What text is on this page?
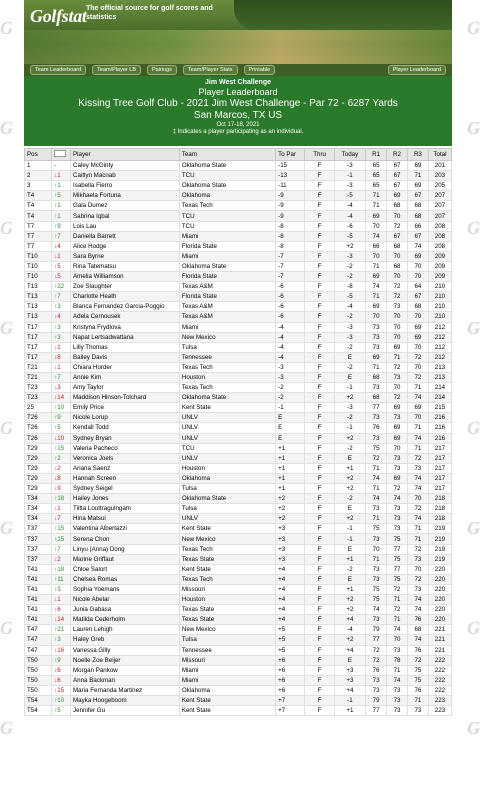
G	G
G	G
G	G
G	G
G	G
G	G
G	G
G	G
Golfstat The official source for golf scores and statistics
Team Leaderboard	Team/Player LB	Pairings	Team/Player Stats	Printable	Player Leaderboard
Jim West Challenge
Player Leaderboard
Kissing Tree Golf Club - 2021 Jim West Challenge - Par 72 - 6287 Yards
San Marcos, TX US
Oct 17-18, 2021
‡ Indicates a player participating as an individual.
Pos		Player	Team	To Par	Thru	Today	R1	R2	R3	Total
1	-	Caley McGinty	Oklahoma State	-15	F	-3	65	67	69	201
2	↓1	Caitlyn Macnab	TCU	-13	F	-1	65	67	71	203
3	↑1	Isabella Fierro	Oklahoma State	-11	F	-3	65	67	69	205
T4	↑5	Mikhaela Fortuna	Oklahoma	-9	F	-5	71	69	67	207
T4	↑1	Gala Dumez	Texas Tech	-9	F	-4	71	68	68	207
T4	↑1	Sabrina Iqbal	TCU	-9	F	-4	69	70	68	207
T7	↑9	Lois Lau	TCU	-8	F	-6	70	72	66	208
T7	↑7	Daniella Barrett	Miami	-8	F	-5	74	67	67	208
T7	↓4	Alice Hodge	Florida State	-8	F	+2	66	68	74	208
T10	↓1	Sara Byrne	Miami	-7	F	-3	70	70	69	209
T10	↓5	Rina Tatematsu	Oklahoma State	-7	F	-2	71	68	70	209
T10	↓5	Amelia Williamson	Florida State	-7	F	-2	69	70	70	209
T13	↑22	Zoe Slaughter	Texas A&M	-6	F	-8	74	72	64	210
T13	↑7	Charlotte Heath	Florida State	-6	F	-5	71	72	67	210
T13	↑3	Blanca Fernandez Garcia-Poggio	Texas A&M	-6	F	-4	69	73	68	210
T13	↓4	Adela Cernousek	Texas A&M	-6	F	-2	70	70	70	210
T17	↑3	Kristyna Frydlova	Miami	-4	F	-3	73	70	69	212
T17	↑3	Napat Lertsadwattana	New Mexico	-4	F	-3	73	70	69	212
T17	↓1	Lilly Thomas	Tulsa	-4	F	-2	73	69	70	212
T17	↓8	Bailey Davis	Tennessee	-4	F	E	69	71	72	212
T21	↓1	Chiara Horder	Texas Tech	-3	F	-2	71	72	70	213
T21	↑7	Annie Kim	Houston	-3	F	E	68	73	72	213
T23	↓3	Amy Taylor	Texas Tech	-2	F	-1	73	70	71	214
T23	↓14	Maddison Hinson-Tolchard	Oklahoma State	-2	F	+2	68	72	74	214
25	↑10	Emily Price	Kent State	-1	F	-3	77	69	69	215
T26	↑9	Nicole Lorup	UNLV	E	F	-2	73	73	70	216
T26	↑5	Kendall Todd	UNLV	E	F	-1	76	69	71	216
T26	↓10	Sydney Bryan	UNLV	E	F	+2	73	69	74	216
T29	↑15	Valeria Pacheco	TCU	+1	F	-2	75	70	71	217
T29	↑2	Veronica Joels	UNLV	+1	F	E	72	73	72	217
T29	↓2	Ariana Saenz	Houston	+1	F	+1	71	73	73	217
T29	↓8	Hannah Screen	Oklahoma	+1	F	+2	74	69	74	217
T29	↓9	Sydney Seigel	Tulsa	+1	F	+2	71	72	74	217
T34	↑18	Hailey Jones	Oklahoma State	+2	F	-2	74	74	70	218
T34	↓1	Tiitta Louttragulngam	Tulsa	+2	F	E	73	73	72	218
T34	↓7	Hina Matsui	UNLV	+2	F	+2	71	73	74	218
T37	↑15	Valentina Albertazzi	Kent State	+3	F	-1	75	73	71	219
T37	↑15	Serena Chon	New Mexico	+3	F	-1	73	75	71	219
T37	↑7	Linyu (Anna) Dong	Texas Tech	+3	F	E	70	77	72	219
T37	↓2	Marine Griffaut	Texas State	+3	F	+1	71	75	73	219
T41	↑18	Chloe Salort	Kent State	+4	F	-2	73	77	70	220
T41	↑11	Chelsea Romas	Texas Tech	+4	F	E	73	75	72	220
T41	↑3	Sophia Yoemans	Missouri	+4	F	+1	75	72	73	220
T41	↓1	Nicole Abelar	Houston	+4	F	+2	75	71	74	220
T41	↓6	Junia Gabasa	Texas State	+4	F	+2	74	72	74	220
T41	↓14	Matilda Cederholm	Texas State	+4	F	+4	73	71	76	220
T47	↑21	Lauren Lehigh	New Mexico	+5	F	-4	79	74	68	221
T47	↑3	Haley Greb	Tulsa	+5	F	+2	77	70	74	221
T47	↓16	Vanessa Gilly	Tennessee	+5	F	+4	72	73	76	221
T50	↑9	Noelle Zoe Beijer	Missouri	+6	F	E	72	78	72	222
T50	↓6	Morgan Pankow	Miami	+6	F	+3	76	71	75	222
T50	↓6	Anna Backman	Miami	+6	F	+3	73	74	75	222
T50	↓15	Maria Fernanda Martinez	Oklahoma	+6	F	+4	73	73	76	222
T54	↑10	Mayka Hoogeboom	Kent State	+7	F	-1	79	73	71	223
T54	↑5	Jennifer Gu	Kent State	+7	F	+1	77	73	73	223
